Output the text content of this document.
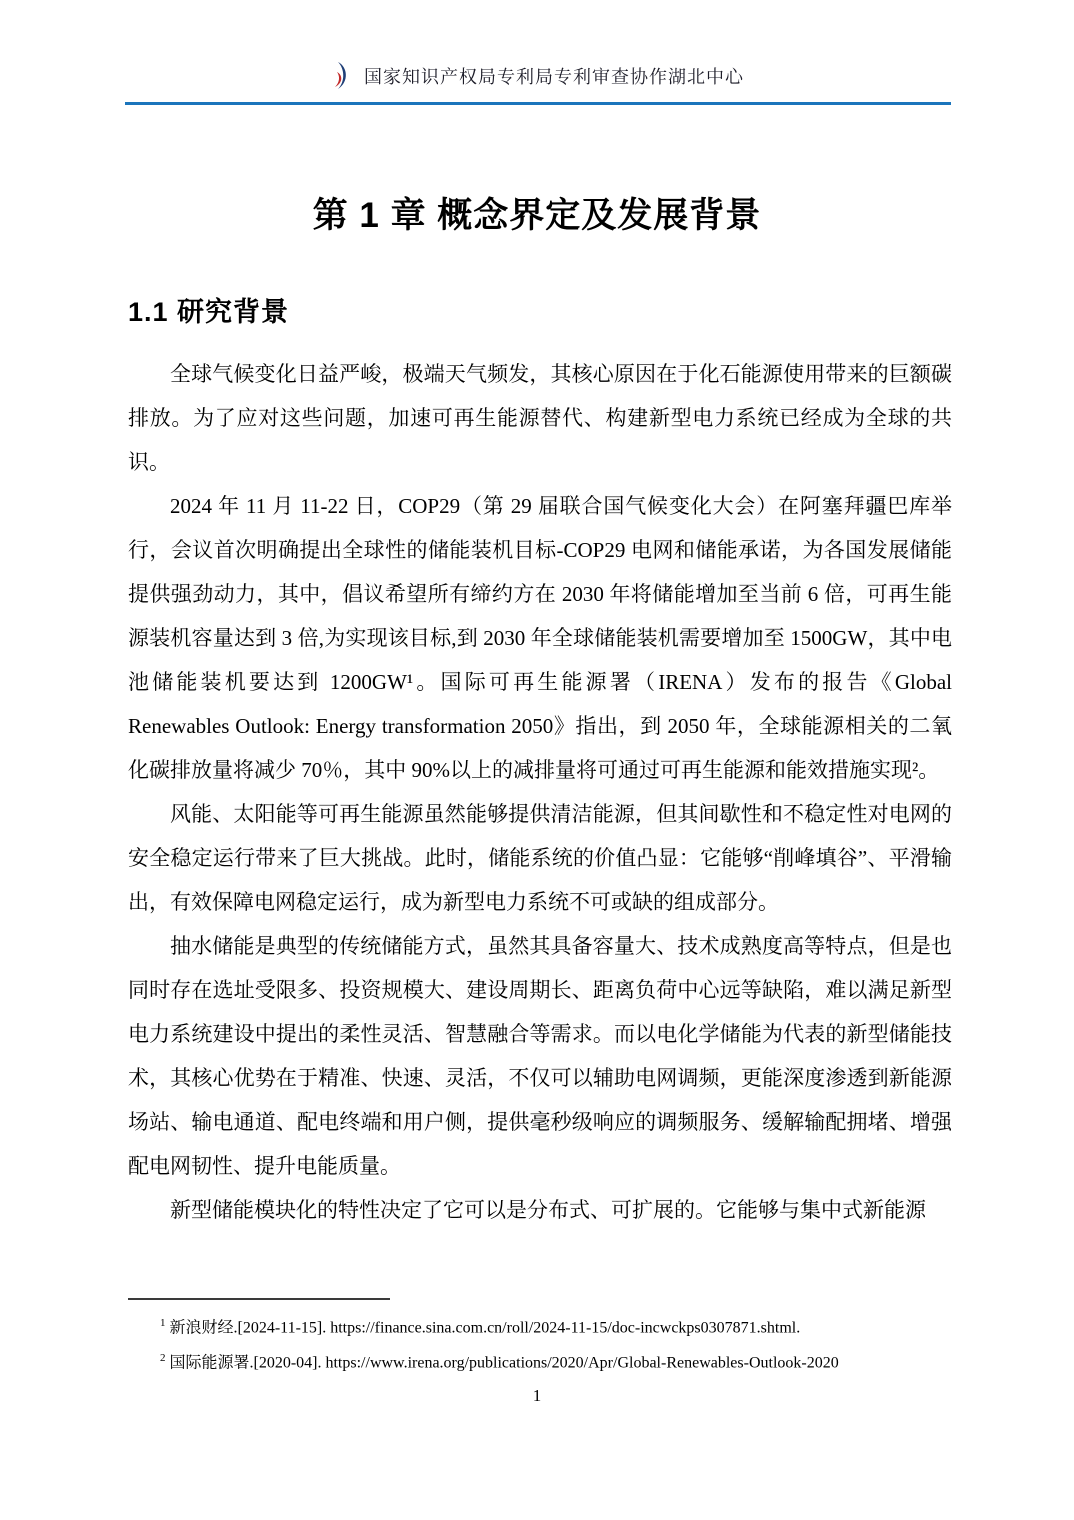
国家知识产权局专利局专利审查协作湖北中心
第 1 章 概念界定及发展背景
1.1 研究背景

全球气候变化日益严峻，极端天气频发，其核心原因在于化石能源使用带来的巨额碳排放。为了应对这些问题，加速可再生能源替代、构建新型电力系统已经成为全球的共识。

2024 年 11 月 11-22 日，COP29（第 29 届联合国气候变化大会）在阿塞拜疆巴库举行，会议首次明确提出全球性的储能装机目标-COP29 电网和储能承诺，为各国发展储能提供强劲动力，其中，倡议希望所有缔约方在 2030 年将储能增加至当前 6 倍，可再生能源装机容量达到 3 倍,为实现该目标,到 2030 年全球储能装机需要增加至 1500GW，其中电池储能装机要达到 1200GW¹。国际可再生能源署（IRENA）发布的报告《Global Renewables Outlook: Energy transformation 2050》指出，到 2050 年，全球能源相关的二氧化碳排放量将减少 70％，其中 90%以上的减排量将可通过可再生能源和能效措施实现²。

风能、太阳能等可再生能源虽然能够提供清洁能源，但其间歇性和不稳定性对电网的安全稳定运行带来了巨大挑战。此时，储能系统的价值凸显：它能够“削峰填谷”、平滑输出，有效保障电网稳定运行，成为新型电力系统不可或缺的组成部分。

抽水储能是典型的传统储能方式，虽然其具备容量大、技术成熟度高等特点，但是也同时存在选址受限多、投资规模大、建设周期长、距离负荷中心远等缺陷，难以满足新型电力系统建设中提出的柔性灵活、智慧融合等需求。而以电化学储能为代表的新型储能技术，其核心优势在于精准、快速、灵活，不仅可以辅助电网调频，更能深度渗透到新能源场站、输电通道、配电终端和用户侧，提供毫秒级响应的调频服务、缓解输配拥堵、增强配电网韧性、提升电能质量。

新型储能模块化的特性决定了它可以是分布式、可扩展的。它能够与集中式新能源

$^1$ 新浪财经.[2024-11-15]. https://finance.sina.com.cn/roll/2024-11-15/doc-incwckps0307871.shtml.
$^2$ 国际能源署.[2020-04]. https://www.irena.org/publications/2020/Apr/Global-Renewables-Outlook-2020
1
